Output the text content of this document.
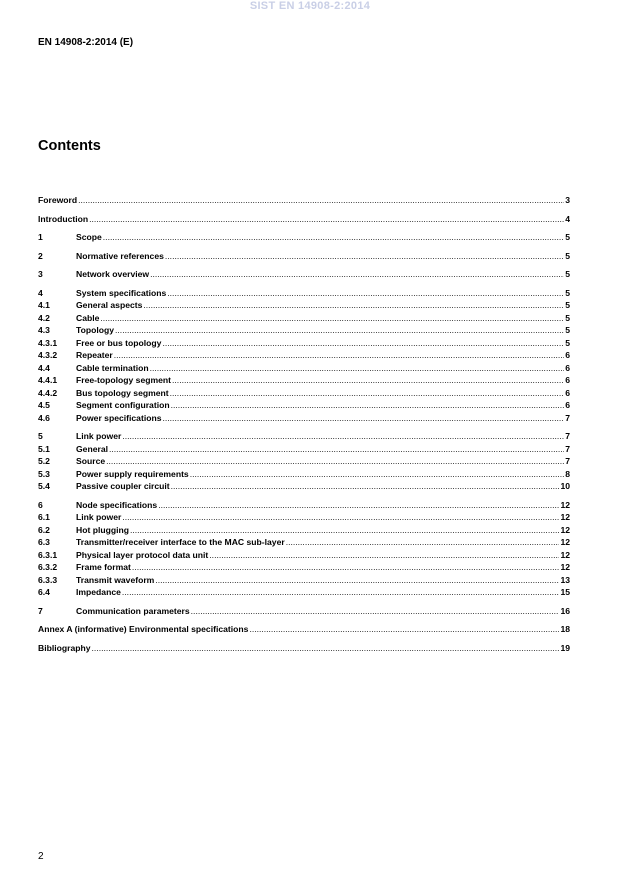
SIST EN 14908-2:2014
EN 14908-2:2014 (E)
Contents
Foreword .....	3
Introduction .....	4
1	Scope .....	5
2	Normative references .....	5
3	Network overview .....	5
4	System specifications .....	5
4.1	General aspects .....	5
4.2	Cable .....	5
4.3	Topology .....	5
4.3.1	Free or bus topology .....	5
4.3.2	Repeater .....	6
4.4	Cable termination .....	6
4.4.1	Free-topology segment .....	6
4.4.2	Bus topology segment .....	6
4.5	Segment configuration .....	6
4.6	Power specifications .....	7
5	Link power .....	7
5.1	General .....	7
5.2	Source .....	7
5.3	Power supply requirements .....	8
5.4	Passive coupler circuit .....	10
6	Node specifications .....	12
6.1	Link power .....	12
6.2	Hot plugging .....	12
6.3	Transmitter/receiver interface to the MAC sub-layer .....	12
6.3.1	Physical layer protocol data unit .....	12
6.3.2	Frame format .....	12
6.3.3	Transmit waveform .....	13
6.4	Impedance .....	15
7	Communication parameters .....	16
Annex A (informative) Environmental specifications .....	18
Bibliography .....	19
2
